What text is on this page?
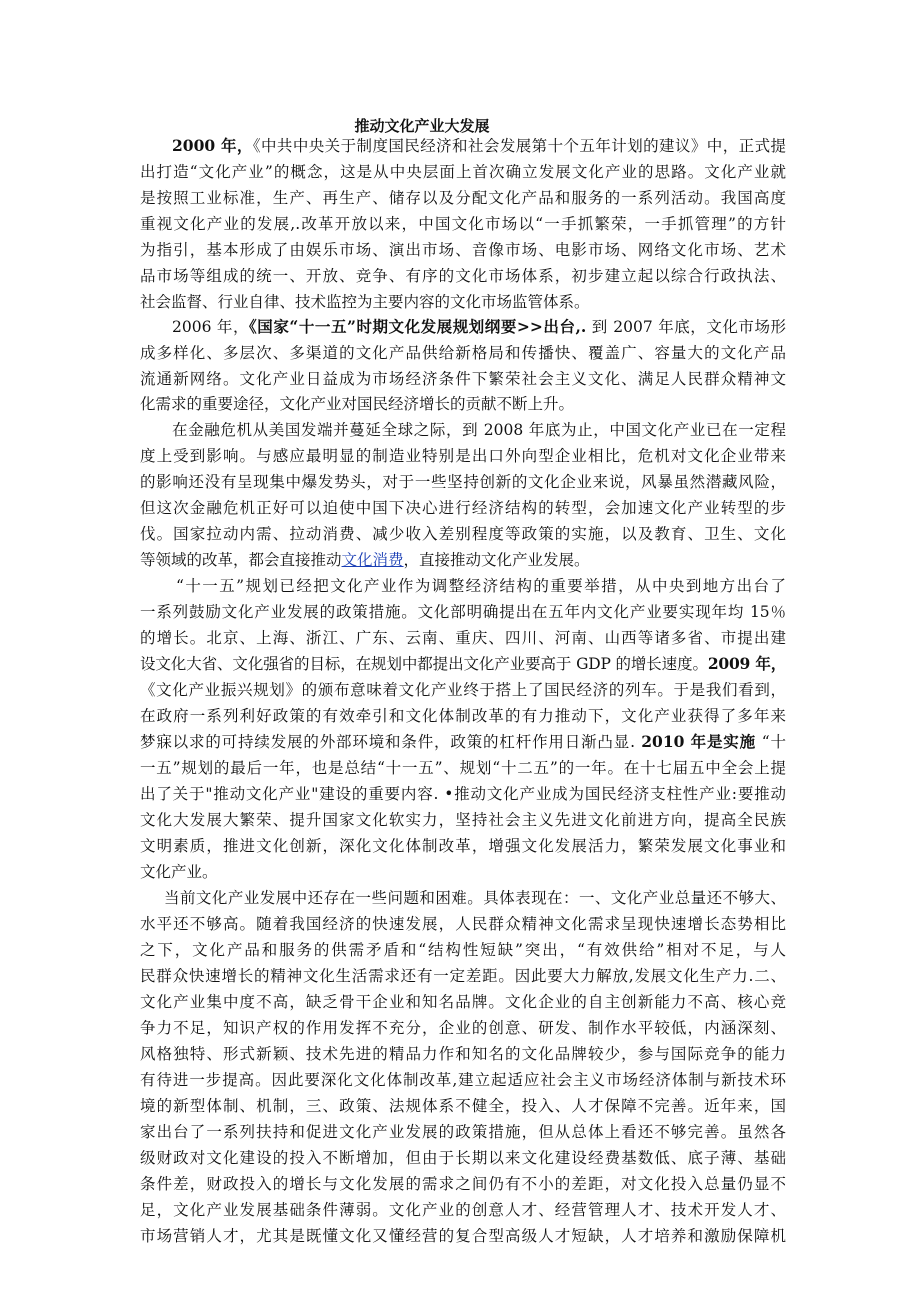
推动文化产业大发展
2000 年，《中共中央关于制度国民经济和社会发展第十个五年计划的建议》中，正式提
出打造“文化产业”的概念，这是从中央层面上首次确立发展文化产业的思路。文化产业就
是按照工业标准，生产、再生产、储存以及分配文化产品和服务的一系列活动。我国高度
重视文化产业的发展,.改革开放以来，中国文化市场以“一手抓繁荣，一手抓管理”的方针
为指引，基本形成了由娱乐市场、演出市场、音像市场、电影市场、网络文化市场、艺术
品市场等组成的统一、开放、竞争、有序的文化市场体系，初步建立起以综合行政执法、
社会监督、行业自律、技术监控为主要内容的文化市场监管体系。
2006 年，《国家“十一五”时期文化发展规划纲要>>出台,. 到 2007 年底，文化市场形
成多样化、多层次、多渠道的文化产品供给新格局和传播快、覆盖广、容量大的文化产品
流通新网络。文化产业日益成为市场经济条件下繁荣社会主义文化、满足人民群众精神文
化需求的重要途径，文化产业对国民经济增长的贡献不断上升。
在金融危机从美国发端并蔓延全球之际，到 2008 年底为止，中国文化产业已在一定程
度上受到影响。与感应最明显的制造业特别是出口外向型企业相比，危机对文化企业带来
的影响还没有呈现集中爆发势头，对于一些坚持创新的文化企业来说，风暴虽然潜藏风险，
但这次金融危机正好可以迫使中国下决心进行经济结构的转型，会加速文化产业转型的步
伐。国家拉动内需、拉动消费、减少收入差别程度等政策的实施，以及教育、卫生、文化
等领域的改革，都会直接推动文化消费，直接推动文化产业发展。
“十一五”规划已经把文化产业作为调整经济结构的重要举措，从中央到地方出台了
一系列鼓励文化产业发展的政策措施。文化部明确提出在五年内文化产业要实现年均 15％
的增长。北京、上海、浙江、广东、云南、重庆、四川、河南、山西等诸多省、市提出建
设文化大省、文化强省的目标，在规划中都提出文化产业要高于 GDP 的增长速度。2009 年，
《文化产业振兴规划》的颁布意味着文化产业终于搭上了国民经济的列车。于是我们看到，
在政府一系列利好政策的有效牵引和文化体制改革的有力推动下，文化产业获得了多年来
梦寐以求的可持续发展的外部环境和条件，政策的杠杆作用日渐凸显. 2010 年是实施 “十
一五”规划的最后一年，也是总结“十一五”、规划“十二五”的一年。在十七届五中全会上提
出了关于"推动文化产业"建设的重要内容. •推动文化产业成为国民经济支柱性产业:要推动
文化大发展大繁荣、提升国家文化软实力，坚持社会主义先进文化前进方向，提高全民族
文明素质，推进文化创新，深化文化体制改革，增强文化发展活力，繁荣发展文化事业和
文化产业。
当前文化产业发展中还存在一些问题和困难。具体表现在：一、文化产业总量还不够大、
水平还不够高。随着我国经济的快速发展，人民群众精神文化需求呈现快速增长态势相比
之下，文化产品和服务的供需矛盾和“结构性短缺”突出，“有效供给”相对不足，与人
民群众快速增长的精神文化生活需求还有一定差距。因此要大力解放,发展文化生产力.二、
文化产业集中度不高，缺乏骨干企业和知名品牌。文化企业的自主创新能力不高、核心竞
争力不足，知识产权的作用发挥不充分，企业的创意、研发、制作水平较低，内涵深刻、
风格独特、形式新颖、技术先进的精品力作和知名的文化品牌较少，参与国际竞争的能力
有待进一步提高。因此要深化文化体制改革,建立起适应社会主义市场经济体制与新技术环
境的新型体制、机制，三、政策、法规体系不健全，投入、人才保障不完善。近年来，国
家出台了一系列扶持和促进文化产业发展的政策措施，但从总体上看还不够完善。虽然各
级财政对文化建设的投入不断增加，但由于长期以来文化建设经费基数低、底子薄、基础
条件差，财政投入的增长与文化发展的需求之间仍有不小的差距，对文化投入总量仍显不
足，文化产业发展基础条件薄弱。文化产业的创意人才、经营管理人才、技术开发人才、
市场营销人才，尤其是既懂文化又懂经营的复合型高级人才短缺，人才培养和激励保障机
